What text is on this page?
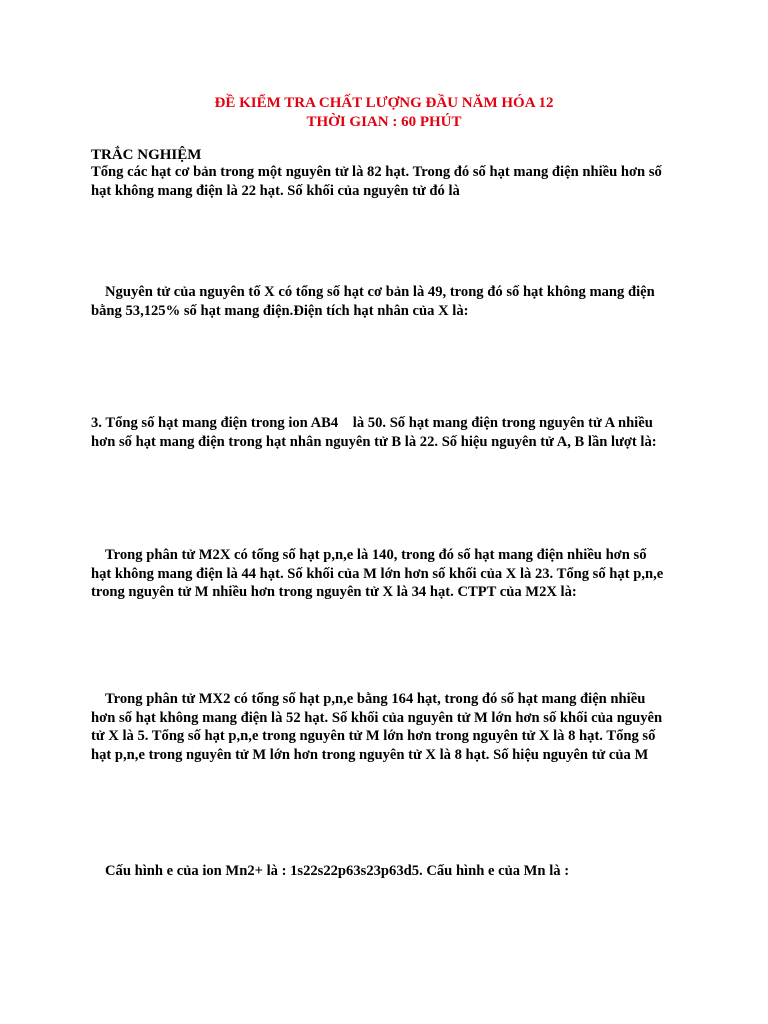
ĐỀ KIỂM TRA CHẤT LƯỢNG ĐẦU NĂM HÓA 12
THỜI GIAN : 60 PHÚT

TRẮC NGHIỆM

Tổng các hạt cơ bản trong một nguyên tử là 82 hạt. Trong đó số hạt mang điện nhiều hơn số
hạt không mang điện là 22 hạt. Số khối của nguyên tử đó là
Nguyên tử của nguyên tố X có tổng số hạt cơ bản là 49, trong đó số hạt không mang điện
bằng 53,125% số hạt mang điện.Điện tích hạt nhân của X là:
3. Tổng số hạt mang điện trong ion AB4    là 50. Số hạt mang điện trong nguyên tử A nhiều
hơn số hạt mang điện trong hạt nhân nguyên tử B là 22. Số hiệu nguyên tử A, B lần lượt là:
Trong phân tử M2X có tổng số hạt p,n,e là 140, trong đó số hạt mang điện nhiều hơn số
hạt không mang điện là 44 hạt. Số khối của M lớn hơn số khối của X là 23. Tổng số hạt p,n,e
trong nguyên tử M nhiều hơn trong nguyên tử X là 34 hạt. CTPT của M2X là:
Trong phân tử MX2 có tổng số hạt p,n,e bằng 164 hạt, trong đó số hạt mang điện nhiều
hơn số hạt không mang điện là 52 hạt. Số khối của nguyên tử M lớn hơn số khối của nguyên
tử X là 5. Tổng số hạt p,n,e trong nguyên tử M lớn hơn trong nguyên tử X là 8 hạt. Tổng số
hạt p,n,e trong nguyên tử M lớn hơn trong nguyên tử X là 8 hạt. Số hiệu nguyên tử của M
Cấu hình e của ion Mn2+ là : 1s22s22p63s23p63d5. Cấu hình e của Mn là :
